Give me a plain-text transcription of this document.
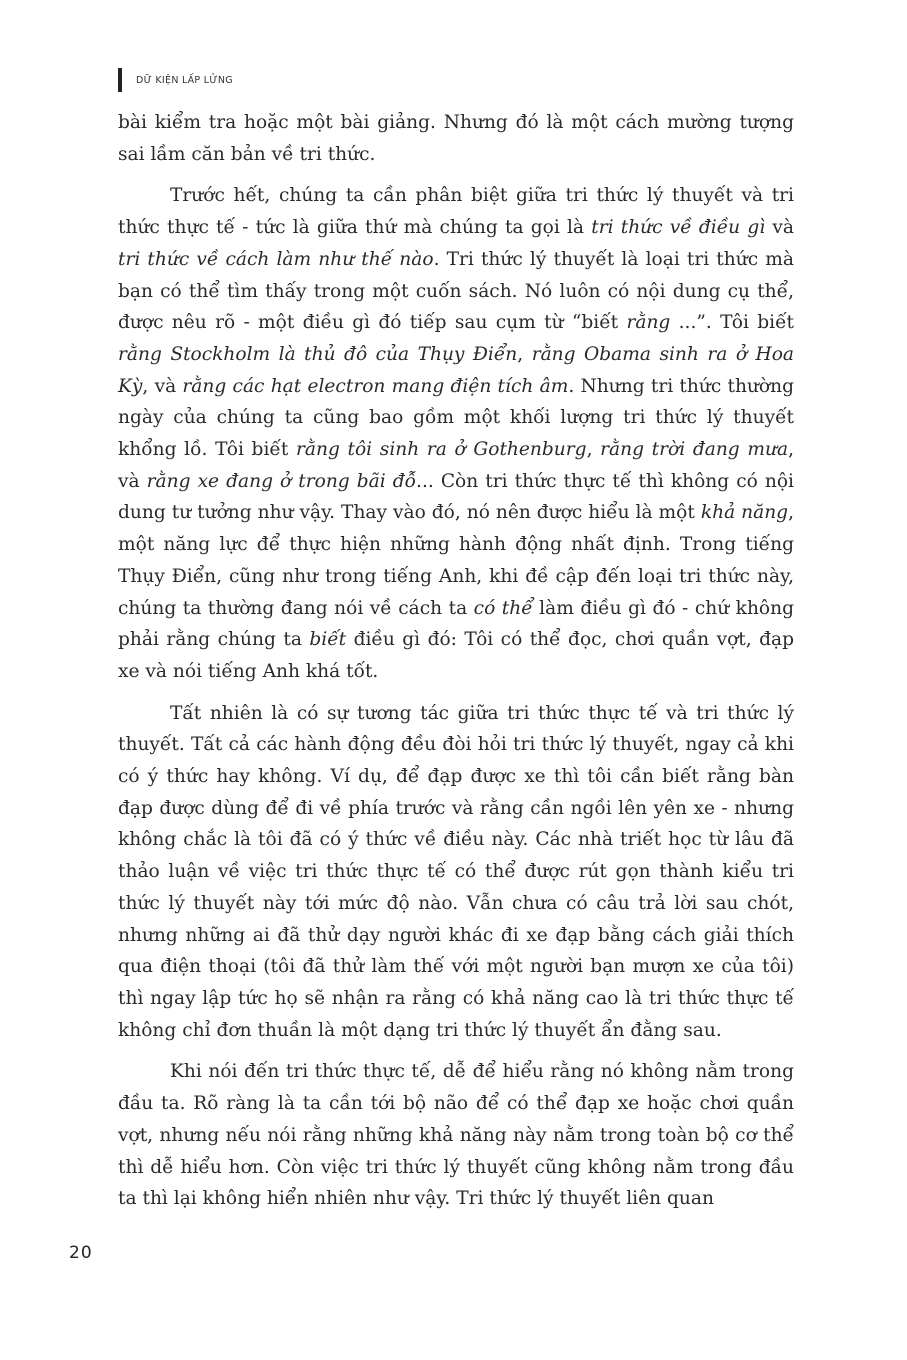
DỮ KIỆN LẤP LỬNG

bài kiểm tra hoặc một bài giảng. Nhưng đó là một cách mường tượng sai lầm căn bản về tri thức.

Trước hết, chúng ta cần phân biệt giữa tri thức lý thuyết và tri thức thực tế - tức là giữa thứ mà chúng ta gọi là tri thức về điều gì và tri thức về cách làm như thế nào. Tri thức lý thuyết là loại tri thức mà bạn có thể tìm thấy trong một cuốn sách. Nó luôn có nội dung cụ thể, được nêu rõ - một điều gì đó tiếp sau cụm từ “biết rằng ...”. Tôi biết rằng Stockholm là thủ đô của Thụy Điển, rằng Obama sinh ra ở Hoa Kỳ, và rằng các hạt electron mang điện tích âm. Nhưng tri thức thường ngày của chúng ta cũng bao gồm một khối lượng tri thức lý thuyết khổng lồ. Tôi biết rằng tôi sinh ra ở Gothenburg, rằng trời đang mưa, và rằng xe đang ở trong bãi đỗ... Còn tri thức thực tế thì không có nội dung tư tưởng như vậy. Thay vào đó, nó nên được hiểu là một khả năng, một năng lực để thực hiện những hành động nhất định. Trong tiếng Thụy Điển, cũng như trong tiếng Anh, khi đề cập đến loại tri thức này, chúng ta thường đang nói về cách ta có thể làm điều gì đó - chứ không phải rằng chúng ta biết điều gì đó: Tôi có thể đọc, chơi quần vợt, đạp xe và nói tiếng Anh khá tốt.

Tất nhiên là có sự tương tác giữa tri thức thực tế và tri thức lý thuyết. Tất cả các hành động đều đòi hỏi tri thức lý thuyết, ngay cả khi có ý thức hay không. Ví dụ, để đạp được xe thì tôi cần biết rằng bàn đạp được dùng để đi về phía trước và rằng cần ngồi lên yên xe - nhưng không chắc là tôi đã có ý thức về điều này. Các nhà triết học từ lâu đã thảo luận về việc tri thức thực tế có thể được rút gọn thành kiểu tri thức lý thuyết này tới mức độ nào. Vẫn chưa có câu trả lời sau chót, nhưng những ai đã thử dạy người khác đi xe đạp bằng cách giải thích qua điện thoại (tôi đã thử làm thế với một người bạn mượn xe của tôi) thì ngay lập tức họ sẽ nhận ra rằng có khả năng cao là tri thức thực tế không chỉ đơn thuần là một dạng tri thức lý thuyết ẩn đằng sau.

Khi nói đến tri thức thực tế, dễ để hiểu rằng nó không nằm trong đầu ta. Rõ ràng là ta cần tới bộ não để có thể đạp xe hoặc chơi quần vợt, nhưng nếu nói rằng những khả năng này nằm trong toàn bộ cơ thể thì dễ hiểu hơn. Còn việc tri thức lý thuyết cũng không nằm trong đầu ta thì lại không hiển nhiên như vậy. Tri thức lý thuyết liên quan

20
